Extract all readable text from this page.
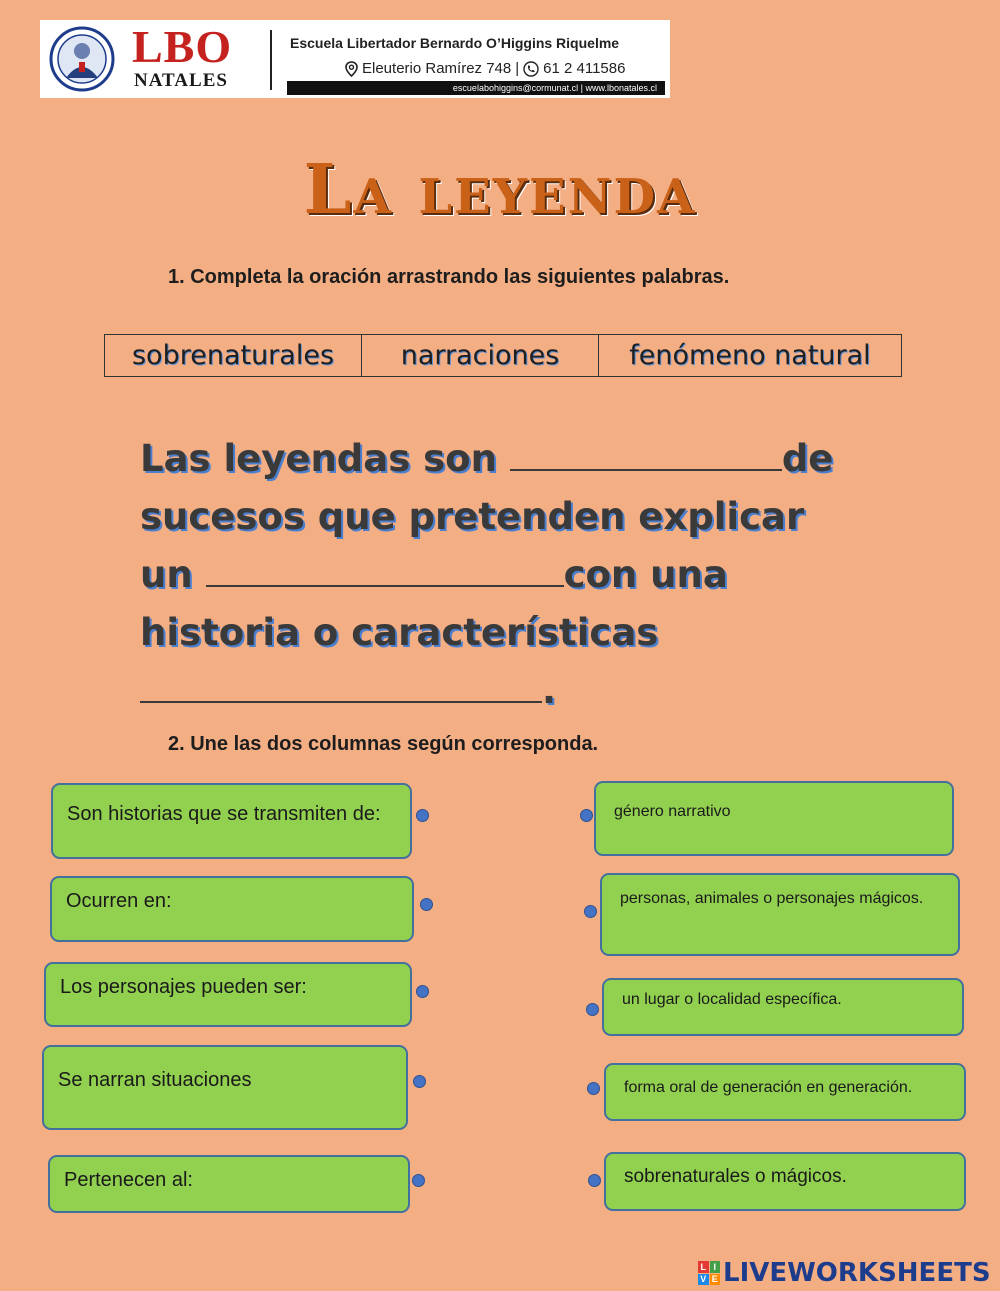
LBO
NATALES
Escuela Libertador Bernardo O’Higgins Riquelme
Eleuterio Ramírez 748 | 61 2 411586
escuelabohiggins@cormunat.cl | www.lbonatales.cl
La leyenda
1. Completa la oración arrastrando las siguientes palabras.
sobrenaturales	narraciones	fenómeno natural
Las leyendas son	de sucesos que pretenden explicar un	con una historia o características.
2. Une las dos columnas según corresponda.
Son historias que se transmiten de:
Ocurren en:
Los personajes pueden ser:
Se narran situaciones
Pertenecen al:
género narrativo
personas, animales o personajes mágicos.
un lugar o localidad específica.
forma oral de generación en generación.
sobrenaturales o mágicos.
L I
V E LIVEWORKSHEETS
